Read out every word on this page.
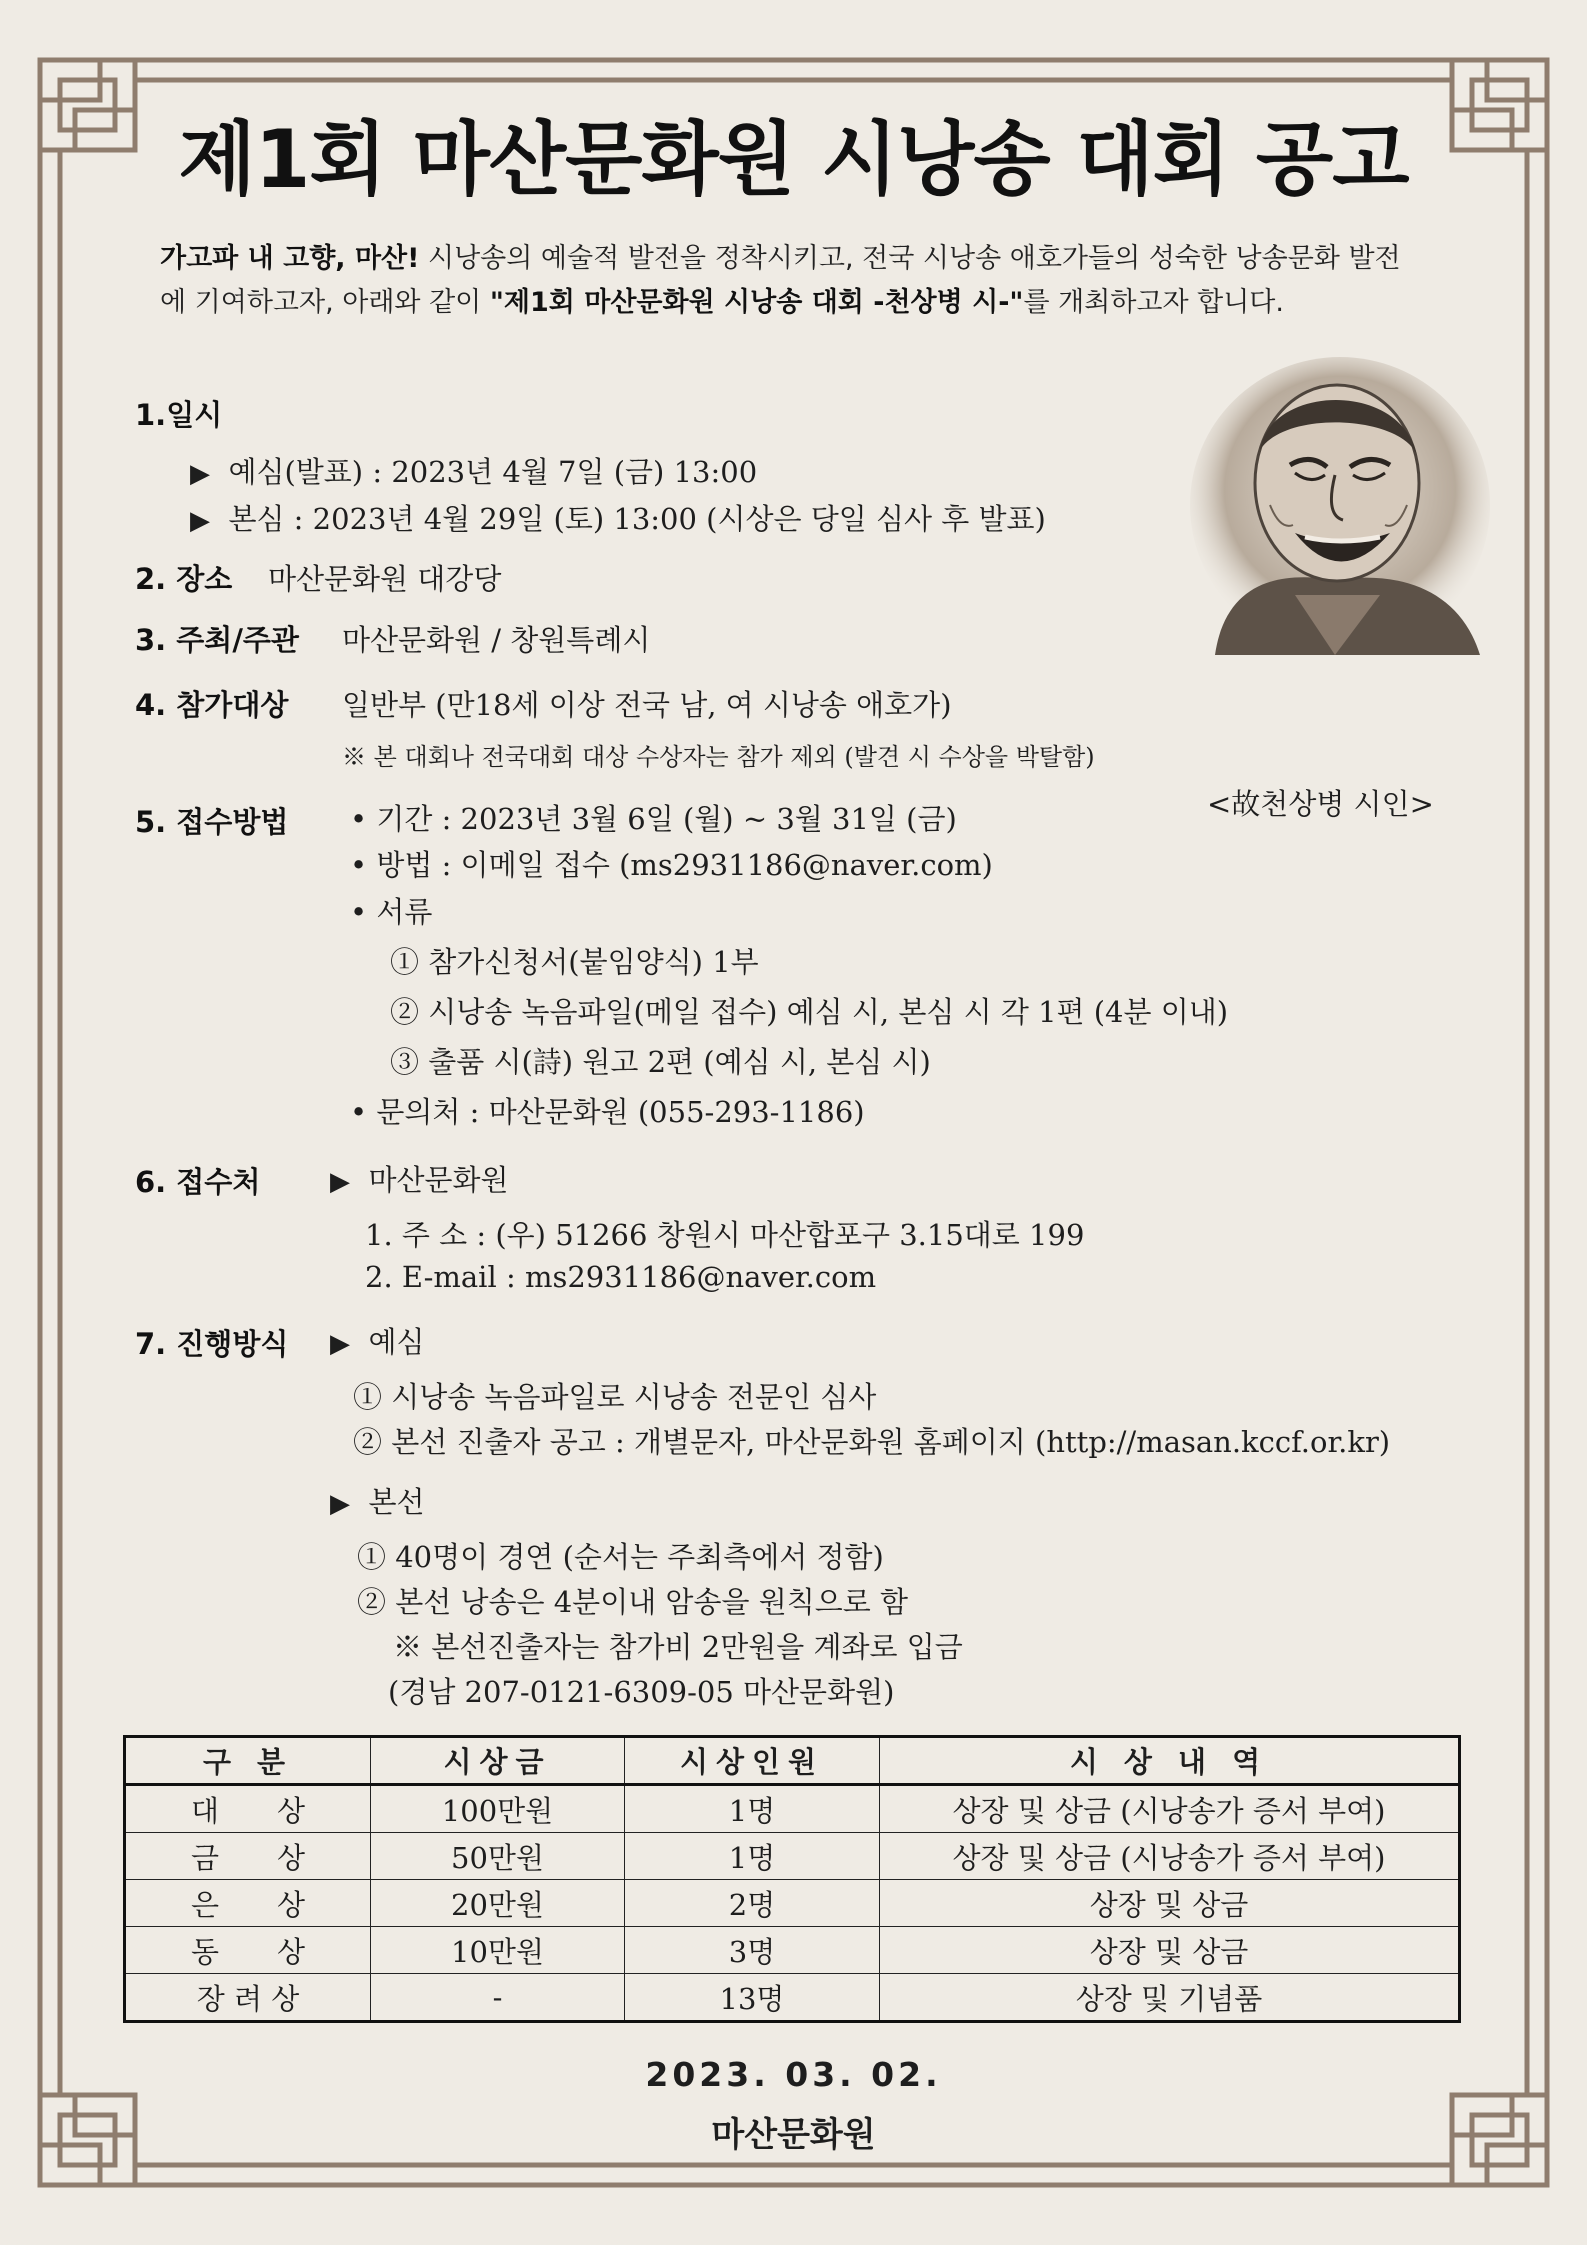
제1회 마산문화원 시낭송 대회 공고
가고파 내 고향, 마산! 시낭송의 예술적 발전을 정착시키고, 전국 시낭송 애호가들의 성숙한 낭송문화 발전에 기여하고자, 아래와 같이 "제1회 마산문화원 시낭송 대회 -천상병 시-"를 개최하고자 합니다.
1.일시
▶ 예심(발표) : 2023년 4월 7일 (금) 13:00
▶ 본심 : 2023년 4월 29일 (토) 13:00 (시상은 당일 심사 후 발표)
2. 장소 마산문화원 대강당
3. 주최/주관 마산문화원 / 창원특례시
4. 참가대상 일반부 (만18세 이상 전국 남, 여 시낭송 애호가)
※ 본 대회나 전국대회 대상 수상자는 참가 제외 (발견 시 수상을 박탈함)
<故천상병 시인>
5. 접수방법 • 기간 : 2023년 3월 6일 (월) ~ 3월 31일 (금)
• 방법 : 이메일 접수 (ms2931186@naver.com)
• 서류
① 참가신청서(붙임양식) 1부
② 시낭송 녹음파일(메일 접수) 예심 시, 본심 시 각 1편 (4분 이내)
③ 출품 시(詩) 원고 2편 (예심 시, 본심 시)
• 문의처 : 마산문화원 (055-293-1186)
6. 접수처	▶ 마산문화원
1. 주 소 : (우) 51266 창원시 마산합포구 3.15대로 199
2. E-mail : ms2931186@naver.com
7. 진행방식 ▶ 예심
① 시낭송 녹음파일로 시낭송 전문인 심사
② 본선 진출자 공고 : 개별문자, 마산문화원 홈페이지 (http://masan.kccf.or.kr)
▶ 본선
① 40명이 경연 (순서는 주최측에서 정함)
② 본선 낭송은 4분이내 암송을 원칙으로 함
※ 본선진출자는 참가비 2만원을 계좌로 입금
(경남 207-0121-6309-05 마산문화원)
구 분	시상금	시상인원	시 상 내 역
대　　상	100만원	1명	상장 및 상금 (시낭송가 증서 부여)
금　　상	50만원	1명	상장 및 상금 (시낭송가 증서 부여)
은　　상	20만원	2명	상장 및 상금
동　　상	10만원	3명	상장 및 상금
장 려 상	-	13명	상장 및 기념품
2023. 03. 02.
마산문화원
